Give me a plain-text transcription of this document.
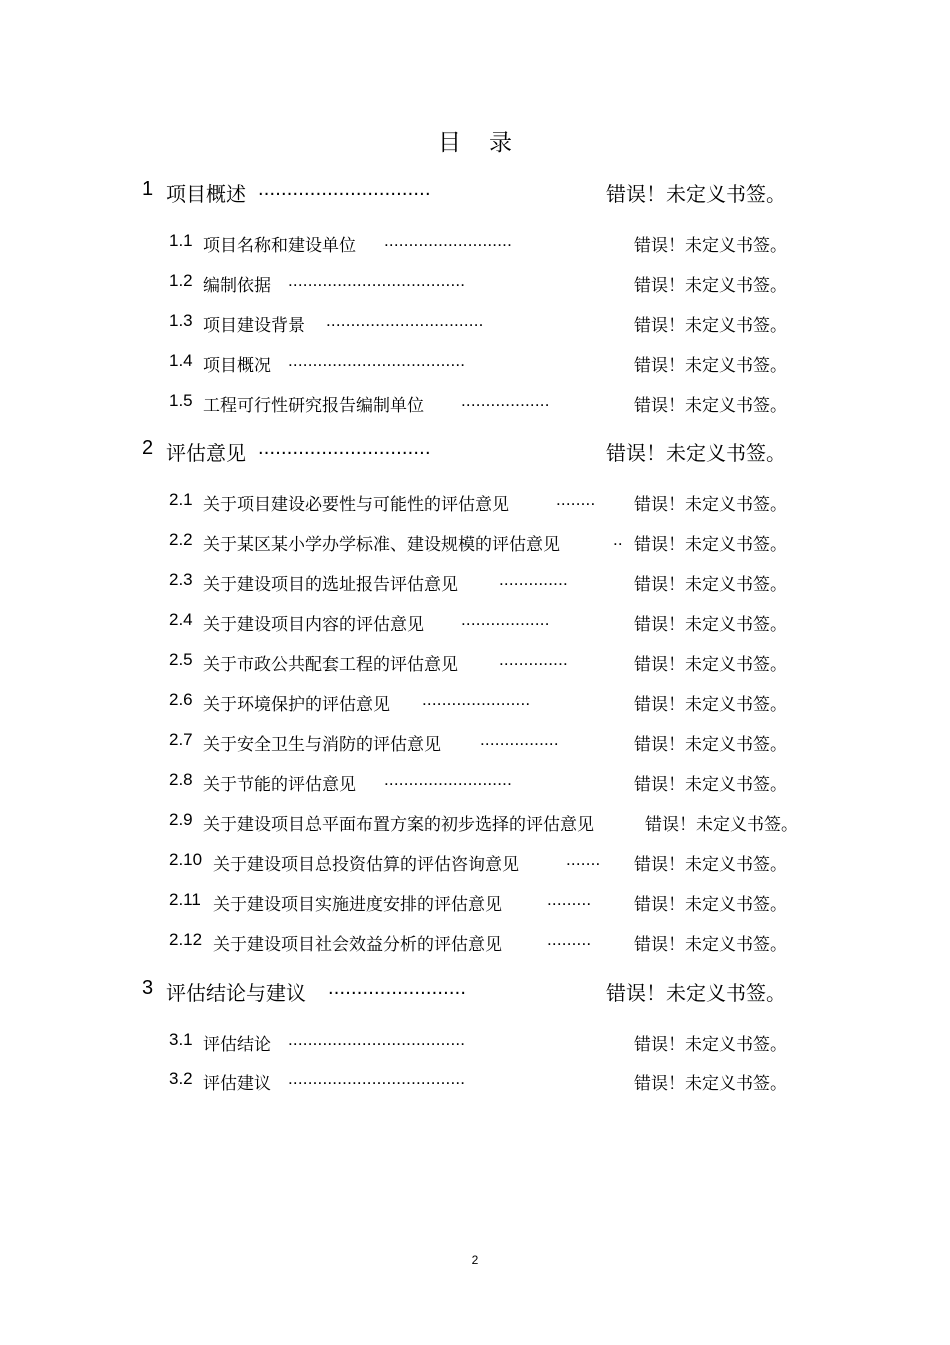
目 录
1 项目概述 ..............................	错误！未定义书签。
1.1 项目名称和建设单位 ..........................	错误！未定义书签。
1.2 编制依据 ....................................	错误！未定义书签。
1.3 项目建设背景 ................................	错误！未定义书签。
1.4 项目概况 ....................................	错误！未定义书签。
1.5 工程可行性研究报告编制单位 ..................	错误！未定义书签。
2 评估意见 ..............................	错误！未定义书签。
2.1 关于项目建设必要性与可能性的评估意见	........ 错误！未定义书签。
2.2 关于某区某小学办学标准、建设规模的评估意见	.. 错误！未定义书签。
2.3 关于建设项目的选址报告评估意见 ..............	错误！未定义书签。
2.4 关于建设项目内容的评估意见 ..................	错误！未定义书签。
2.5 关于市政公共配套工程的评估意见 ..............	错误！未定义书签。
2.6 关于环境保护的评估意见 ......................	错误！未定义书签。
2.7 关于安全卫生与消防的评估意见 ................	错误！未定义书签。
2.8 关于节能的评估意见 ..........................	错误！未定义书签。
2.9 关于建设项目总平面布置方案的初步选择的评估意见	错误！未定义书签。
2.10 关于建设项目总投资估算的评估咨询意见	....... 错误！未定义书签。
2.11 关于建设项目实施进度安排的评估意见	.........	错误！未定义书签。
2.12 关于建设项目社会效益分析的评估意见	.........	错误！未定义书签。
3 评估结论与建议 ........................	错误！未定义书签。
3.1 评估结论 ....................................	错误！未定义书签。
3.2 评估建议 ....................................	错误！未定义书签。
2
